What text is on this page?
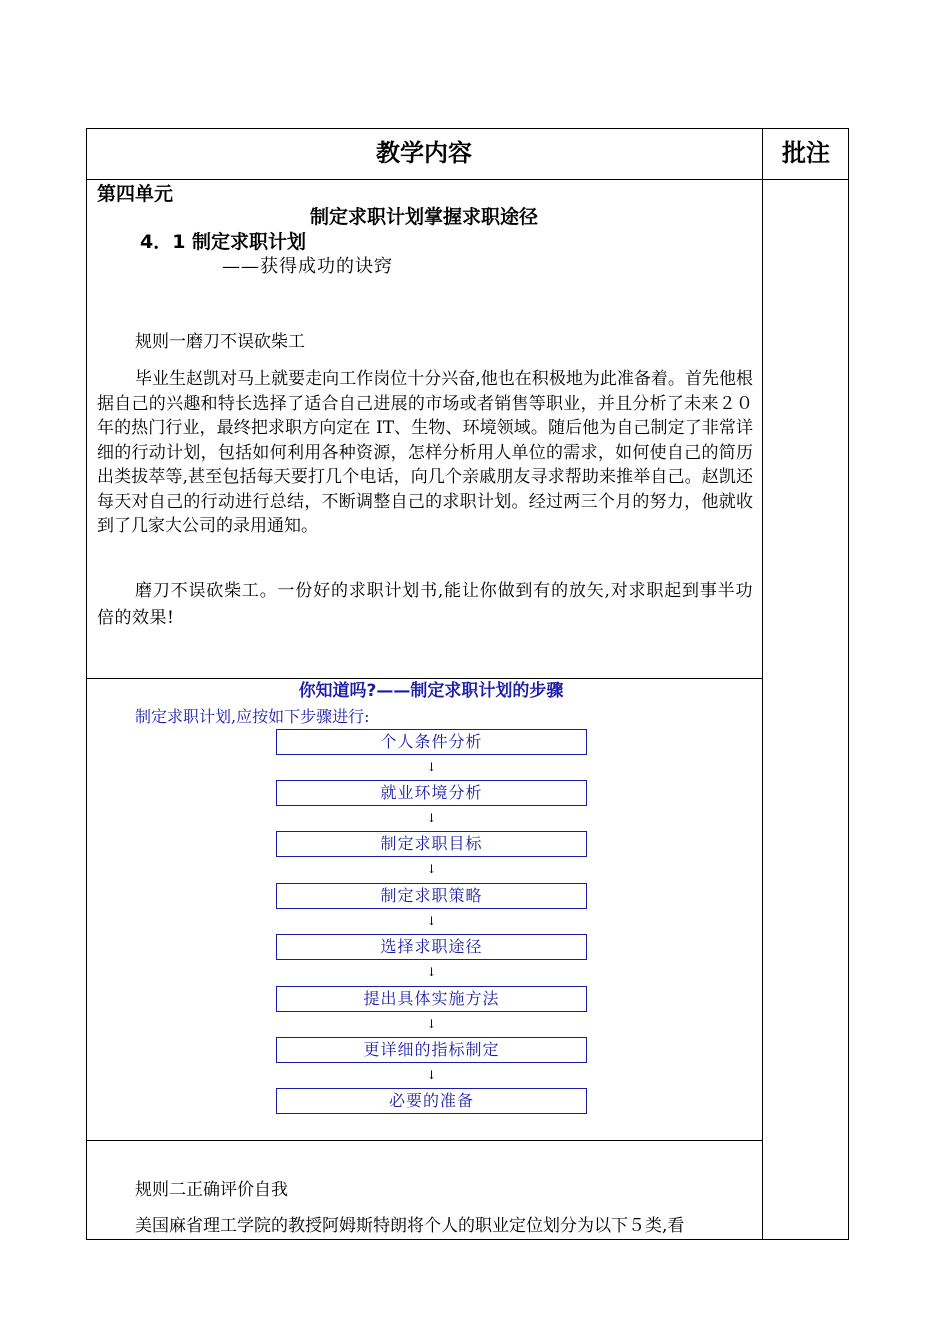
教学内容	批注
第四单元
制定求职计划掌握求职途径
4．1 制定求职计划
——获得成功的诀窍
规则一磨刀不误砍柴工
毕业生赵凯对马上就要走向工作岗位十分兴奋,他也在积极地为此准备着。首先他根据自己的兴趣和特长选择了适合自己进展的市场或者销售等职业，并且分析了未来２０年的热门行业，最终把求职方向定在 IT、生物、环境领域。随后他为自己制定了非常详细的行动计划，包括如何利用各种资源，怎样分析用人单位的需求，如何使自己的简历出类拔萃等,甚至包括每天要打几个电话，向几个亲戚朋友寻求帮助来推举自己。赵凯还每天对自己的行动进行总结，不断调整自己的求职计划。经过两三个月的努力，他就收到了几家大公司的录用通知。
磨刀不误砍柴工。一份好的求职计划书,能让你做到有的放矢,对求职起到事半功倍的效果!
你知道吗?——制定求职计划的步骤
制定求职计划,应按如下步骤进行:
个人条件分析
↓
就业环境分析
↓
制定求职目标
↓
制定求职策略
↓
选择求职途径
↓
提出具体实施方法
↓
更详细的指标制定
↓
必要的准备
规则二正确评价自我
美国麻省理工学院的教授阿姆斯特朗将个人的职业定位划分为以下５类,看
